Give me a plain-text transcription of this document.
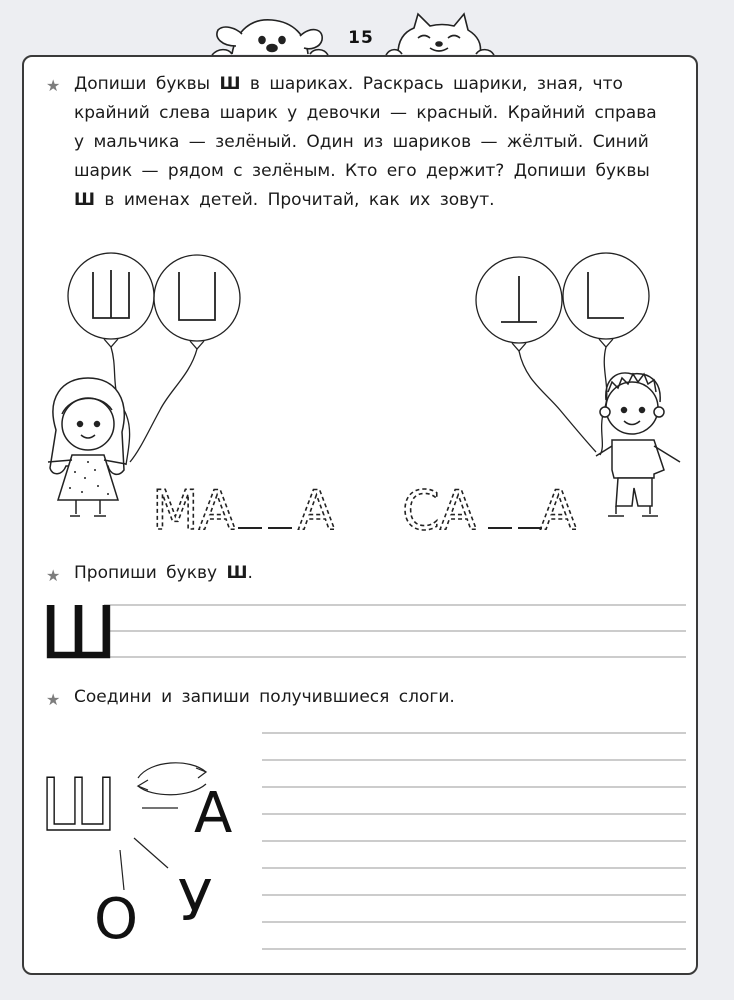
15
★ Допиши буквы Ш в шариках. Раскрась шарики, зная, что
крайний слева шарик у девочки — красный. Крайний справа
у мальчика — зелёный. Один из шариков — жёлтый. Синий
шарик — рядом с зелёным. Кто его держит? Допиши буквы
Ш в именах детей. Прочитай, как их зовут.
МА А СА А
★ Пропиши букву Ш.
Ш
★ Соедини и запиши получившиеся слоги.
Ш А
О У
